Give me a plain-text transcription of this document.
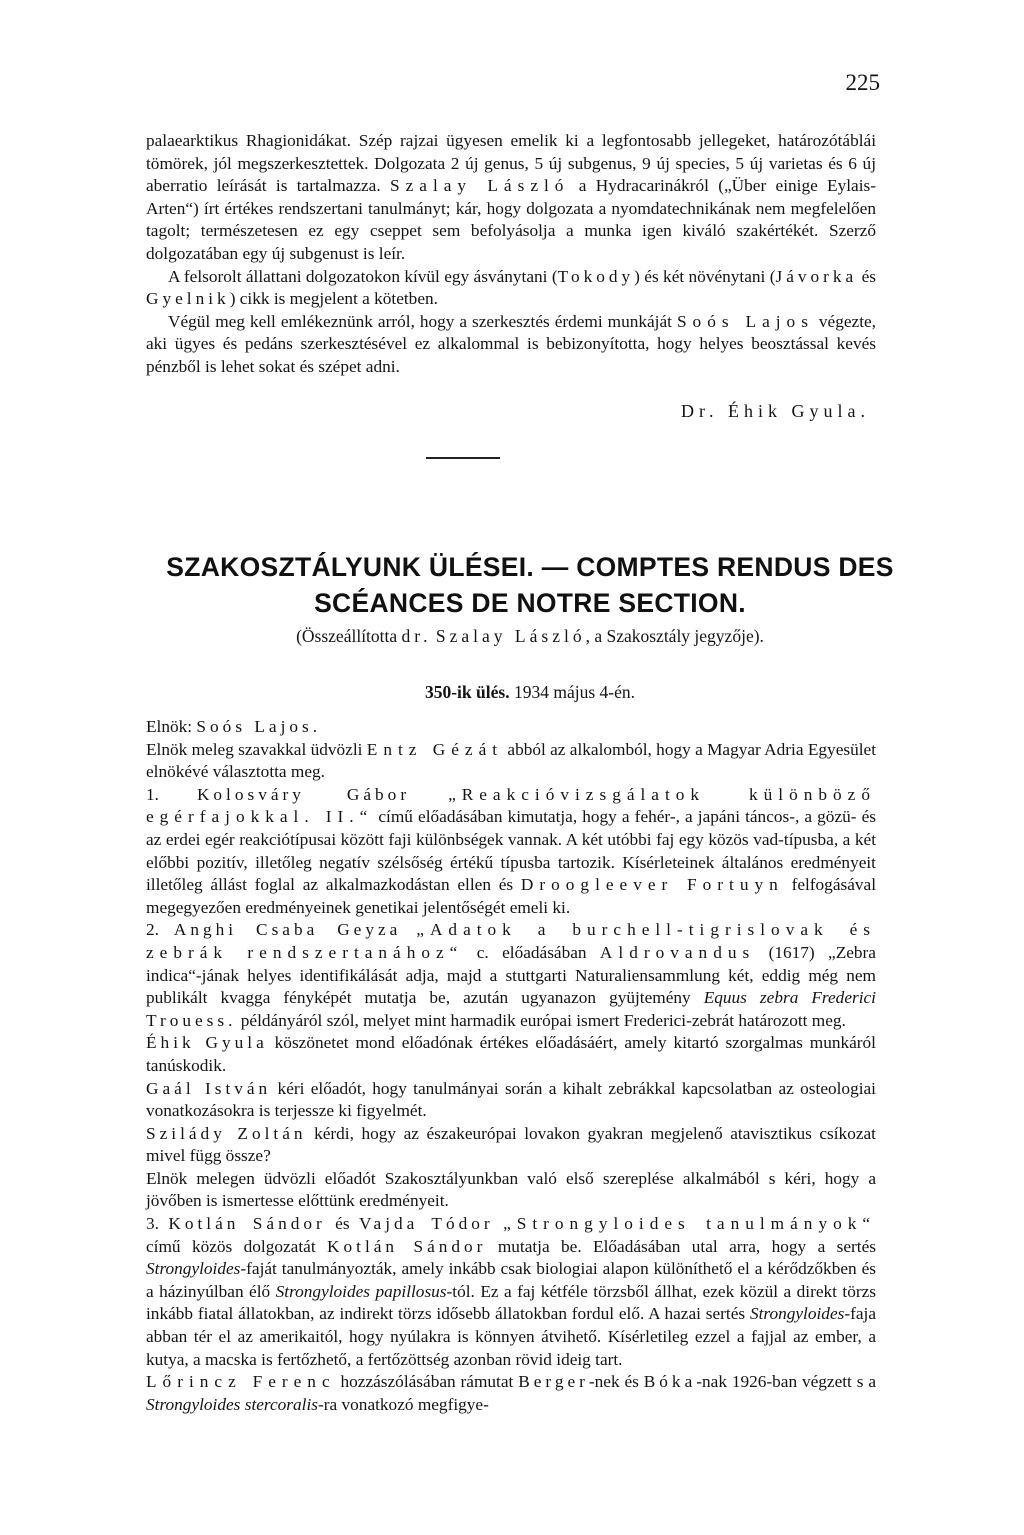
225

palaearktikus Rhagionidákat. Szép rajzai ügyesen emelik ki a legfontosabb jellegeket, határozótáblái tömörek, jól megszerkesztettek. Dolgozata 2 új genus, 5 új subgenus, 9 új species, 5 új varietas és 6 új aberratio leírását is tartalmazza. Szalay László a Hydracarinákról („Über einige Eylais-Arten“) írt értékes rendszertani tanulmányt; kár, hogy dolgozata a nyomdatechnikának nem megfelelően tagolt; természetesen ez egy cseppet sem befolyásolja a munka igen kiváló szakértékét. Szerző dolgozatában egy új subgenust is leír.

A felsorolt állattani dolgozatokon kívül egy ásványtani (Tokody) és két növénytani (Jávorka és Gyelnik) cikk is megjelent a kötetben.

Végül meg kell emlékeznünk arról, hogy a szerkesztés érdemi munkáját Soós Lajos végezte, aki ügyes és pedáns szerkesztésével ez alkalommal is bebizonyította, hogy helyes beosztással kevés pénzből is lehet sokat és szépet adni.

Dr. Éhik Gyula.
SZAKOSZTÁLYUNK ÜLÉSEI. — COMPTES RENDUS DES
SCÉANCES DE NOTRE SECTION.
(Összeállította dr. Szalay László, a Szakosztály jegyzője).
350-ik ülés. 1934 május 4-én.

Elnök: Soós Lajos.

Elnök meleg szavakkal üdvözli Entz Gézát abból az alkalomból, hogy a Magyar Adria Egyesület elnökévé választotta meg.

1. Kolosváry Gábor „Reakcióvizsgálatok különböző egérfajokkal. II.“ című előadásában kimutatja, hogy a fehér-, a japáni táncos-, a gözü- és az erdei egér reakciótípusai között faji különbségek vannak. A két utóbbi faj egy közös vad-típusba, a két előbbi pozitív, illetőleg negatív szélsőség értékű típusba tartozik. Kísérleteinek általános eredményeit illetőleg állást foglal az alkalmazkodástan ellen és Droogleever Fortuyn felfogásával megegyezően eredményeinek genetikai jelentőségét emeli ki.

2. Anghi Csaba Geyza „Adatok a burchell-tigrislovak és zebrák rendszertanához“ c. előadásában Aldrovandus (1617) „Zebra indica“-jának helyes identifikálását adja, majd a stuttgarti Naturaliensammlung két, eddig még nem publikált kvagga fényképét mutatja be, azután ugyanazon gyüjtemény Equus zebra Frederici Trouess. példányáról szól, melyet mint harmadik európai ismert Frederici-zebrát határozott meg.

Éhik Gyula köszönetet mond előadónak értékes előadásáért, amely kitartó szorgalmas munkáról tanúskodik.

Gaál István kéri előadót, hogy tanulmányai során a kihalt zebrákkal kapcsolatban az osteologiai vonatkozásokra is terjessze ki figyelmét.

Sziládу Zoltán kérdi, hogy az északeurópai lovakon gyakran megjelenő atavisztikus csíkozat mivel függ össze?

Elnök melegen üdvözli előadót Szakosztályunkban való első szereplése alkalmából s kéri, hogy a jövőben is ismertesse előttünk eredményeit.

3. Kotlán Sándor és Vajda Tódor „Strongyloides tanulmányok“ című közös dolgozatát Kotlán Sándor mutatja be. Előadásában utal arra, hogy a sertés Strongyloides-faját tanulmányozták, amely inkább csak biologiai alapon különíthető el a kérődzőkben és a házinyúlban élő Strongyloides papillosus-tól. Ez a faj kétféle törzsből állhat, ezek közül a direkt törzs inkább fiatal állatokban, az indirekt törzs idősebb állatokban fordul elő. A hazai sertés Strongyloides-faja abban tér el az amerikaitól, hogy nyúlakra is könnyen átvihető. Kísérletileg ezzel a fajjal az ember, a kutya, a macska is fertőzhető, a fertőzöttség azonban rövid ideig tart.

Lőrincz Ferenc hozzászólásában rámutat Berger-nek és Bóka-nak 1926-ban végzett s a Strongyloides stercoralis-ra vonatkozó megfigye-
